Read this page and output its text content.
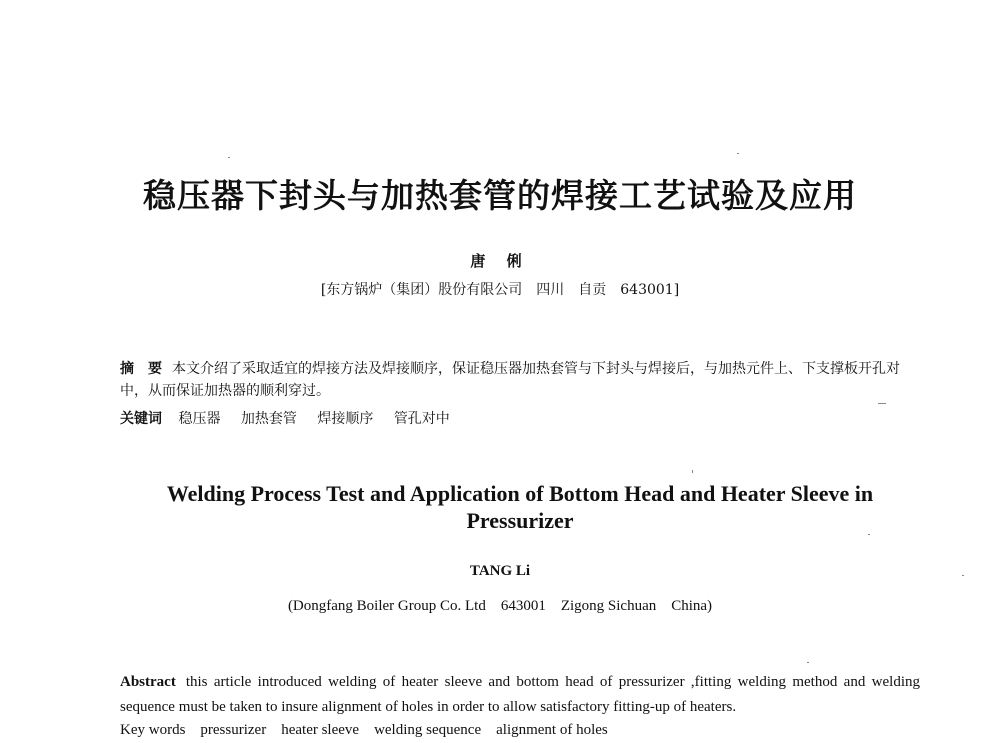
稳压器下封头与加热套管的焊接工艺试验及应用
唐 俐
[东方锅炉（集团）股份有限公司　四川　自贡　643001]
摘　要 本文介绍了采取适宜的焊接方法及焊接顺序，保证稳压器加热套管与下封头与焊接后，与加热元件上、下支撑板开孔对中，从而保证加热器的顺利穿过。
关键词 稳压器 加热套管 焊接顺序 管孔对中
Welding Process Test and Application of Bottom Head and Heater Sleeve in Pressurizer
TANG Li
(Dongfang Boiler Group Co. Ltd　643001　Zigong Sichuan　China)
Abstract this article introduced welding of heater sleeve and bottom head of pressurizer ,fitting welding method and welding sequence must be taken to insure alignment of holes in order to allow satisfactory fitting-up of heaters.
Key words　pressurizer　heater sleeve　welding sequence　alignment of holes
